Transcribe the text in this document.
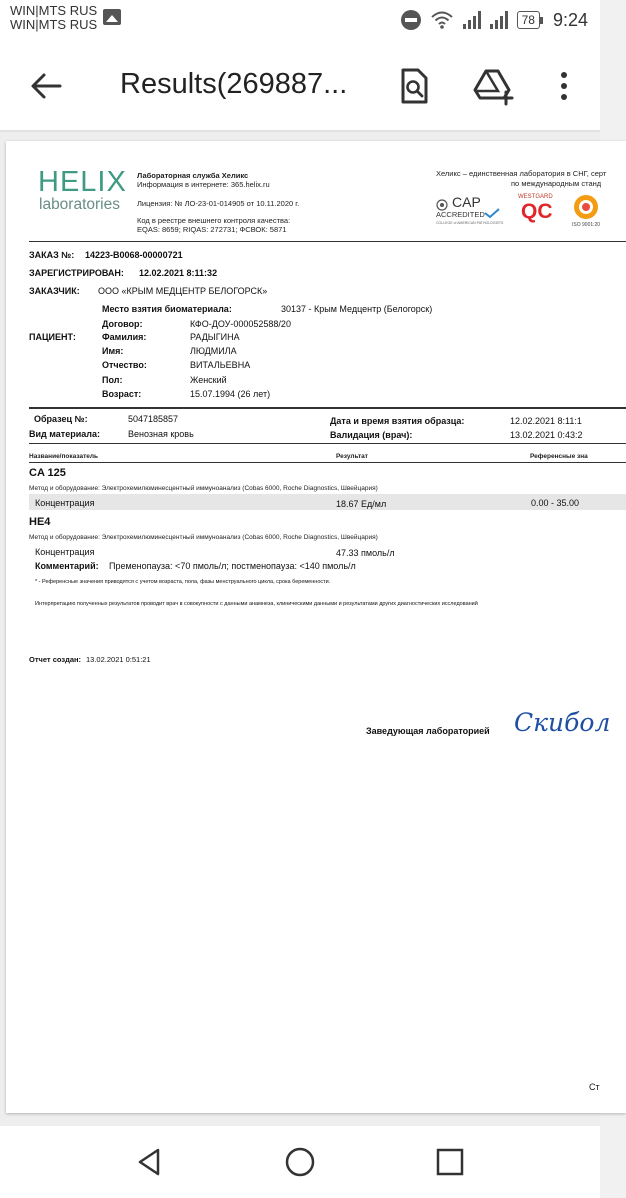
WIN|MTS RUS
WIN|MTS RUS	78 9:24
Results(269887...
HELIX
laboratories
Лабораторная служба Хеликс
Информация в интернете: 365.helix.ru
Лицензия: № ЛО-23-01-014905 от 10.11.2020 г.
Код в реестре внешнего контроля качества:
EQAS: 8659; RIQAS: 272731; ФСВОК: 5871
Хеликс – единственная лаборатория в СНГ, серт
по международным станд
CAP
ACCREDITED
COLLEGE of AMERICAN PATHOLOGISTS
WESTGARD
QC
ISO 9001:20
ЗАКАЗ №: 14223-B0068-00000721
ЗАРЕГИСТРИРОВАН: 12.02.2021 8:11:32
ЗАКАЗЧИК: ООО «КРЫМ МЕДЦЕНТР БЕЛОГОРСК»
ПАЦИЕНТ:
Место взятия биоматериала:	30137 - Крым Медцентр (Белогорск)
Договор:	КФО-ДОУ-000052588/20
Фамилия:	РАДЫГИНА
Имя:	ЛЮДМИЛА
Отчество:	ВИТАЛЬЕВНА
Пол:	Женский
Возраст:	15.07.1994 (26 лет)
Образец №:	5047185857
Вид материала:	Венозная кровь
Дата и время взятия образца:	12.02.2021 8:11:1
Валидация (врач):	13.02.2021 0:43:2
Название/показатель	Результат	Референсные зна
CA 125
Метод и оборудование: Электрохемилюминесцентный иммуноанализ (Cobas 6000, Roche Diagnostics, Швейцария)
Концентрация	18.67 Ед/мл	0.00 - 35.00
HE4
Метод и оборудование: Электрохемилюминесцентный иммуноанализ (Cobas 6000, Roche Diagnostics, Швейцария)
Концентрация	47.33 пмоль/л
Комментарий: Пременопауза: <70 пмоль/л; постменопауза: <140 пмоль/л
* - Референсные значения приводятся с учетом возраста, пола, фазы менструального цикла, срока беременности.
Интерпретацию полученных результатов проводит врач в совокупности с данными анамнеза, клиническими данными и результатами других диагностических исследований
Отчет создан: 13.02.2021 0:51:21
Заведующая лабораторией Скибол
Ст
